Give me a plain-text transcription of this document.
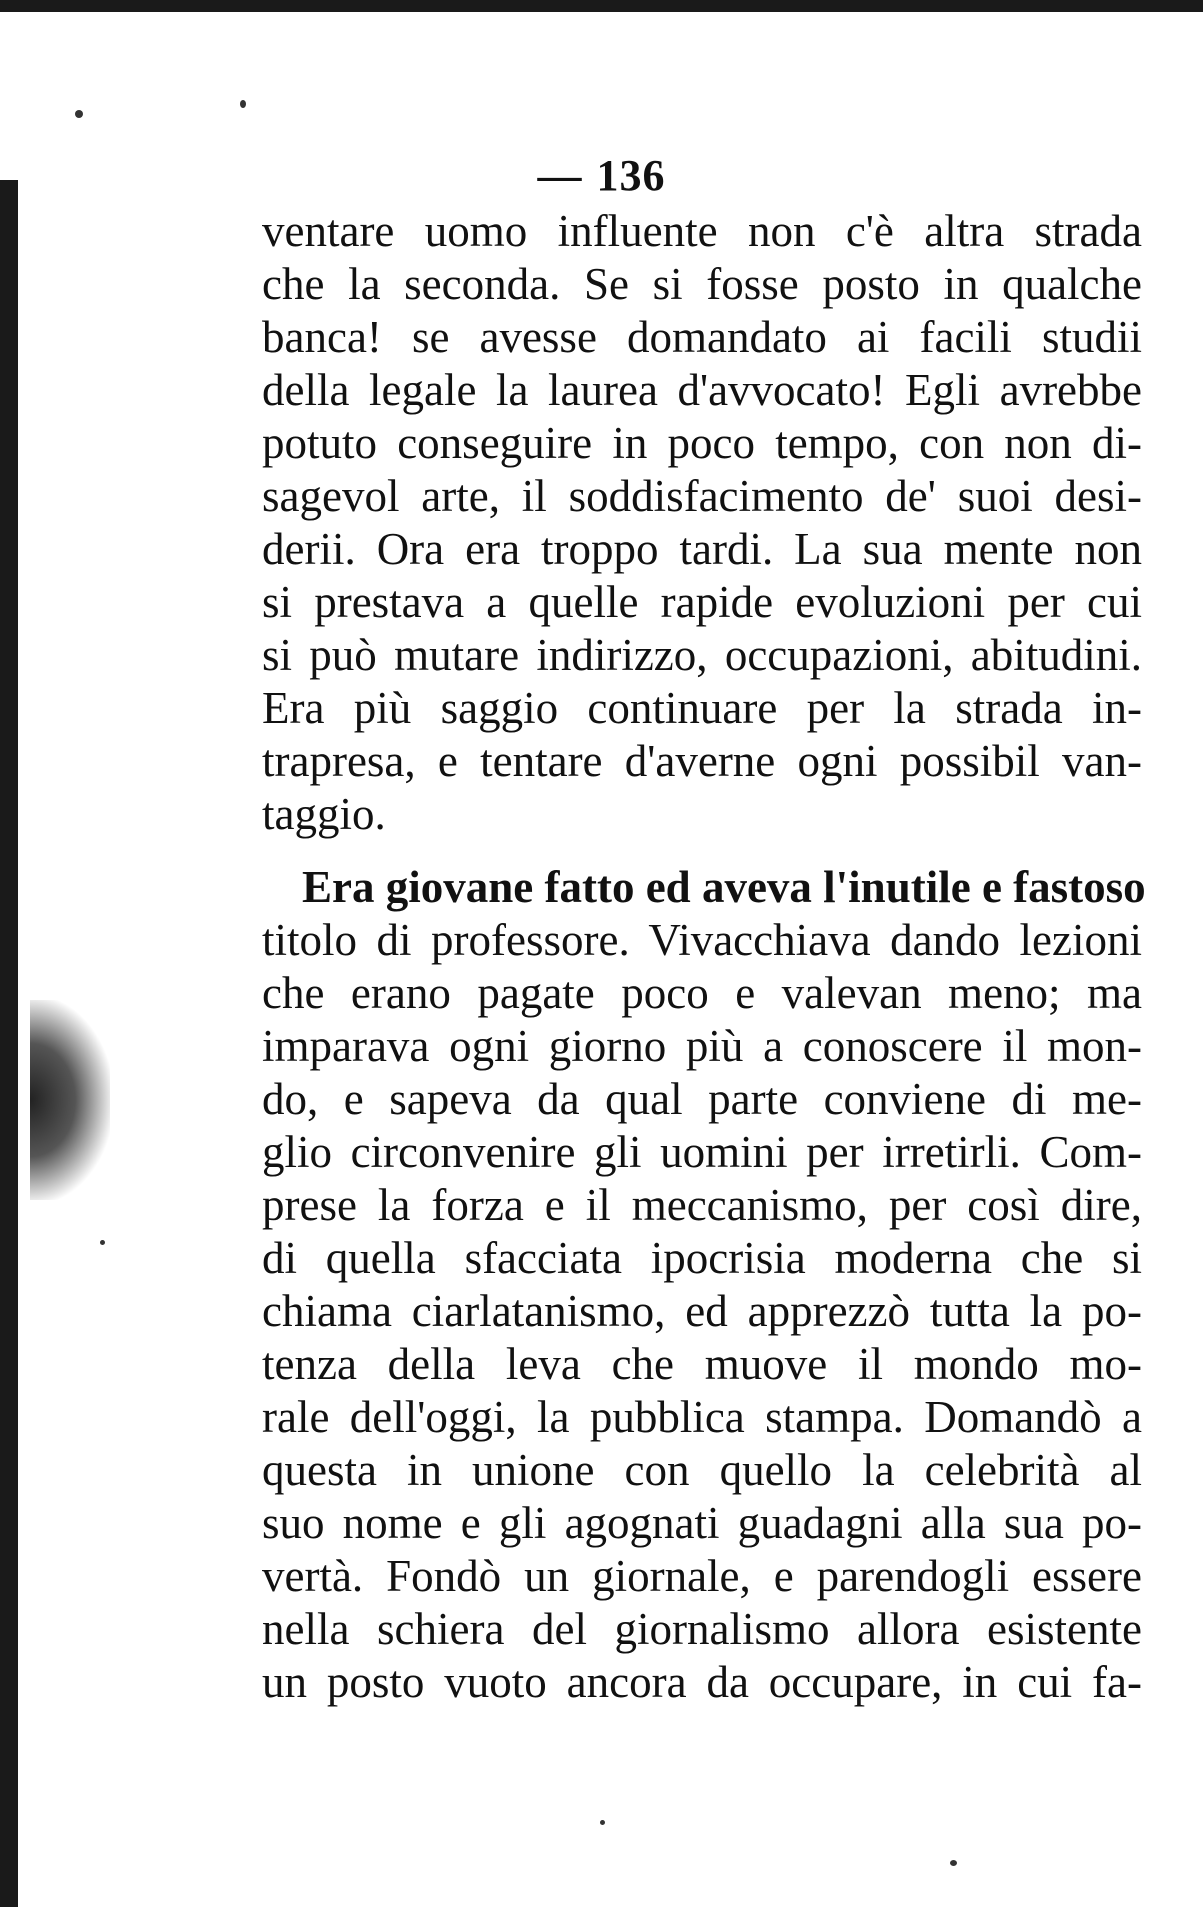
— 136
ventare uomo influente non c'è altra strada
che la seconda. Se si fosse posto in qualche
banca! se avesse domandato ai facili studii
della legale la laurea d'avvocato! Egli avrebbe
potuto conseguire in poco tempo, con non di-
sagevol arte, il soddisfacimento de' suoi desi-
derii. Ora era troppo tardi. La sua mente non
si prestava a quelle rapide evoluzioni per cui
si può mutare indirizzo, occupazioni, abitudini.
Era più saggio continuare per la strada in-
trapresa, e tentare d'averne ogni possibil van-
taggio.
Era giovane fatto ed aveva l'inutile e fastoso
titolo di professore. Vivacchiava dando lezioni
che erano pagate poco e valevan meno; ma
imparava ogni giorno più a conoscere il mon-
do, e sapeva da qual parte conviene di me-
glio circonvenire gli uomini per irretirli. Com-
prese la forza e il meccanismo, per così dire,
di quella sfacciata ipocrisia moderna che si
chiama ciarlatanismo, ed apprezzò tutta la po-
tenza della leva che muove il mondo mo-
rale dell'oggi, la pubblica stampa. Domandò a
questa in unione con quello la celebrità al
suo nome e gli agognati guadagni alla sua po-
vertà. Fondò un giornale, e parendogli essere
nella schiera del giornalismo allora esistente
un posto vuoto ancora da occupare, in cui fa-
